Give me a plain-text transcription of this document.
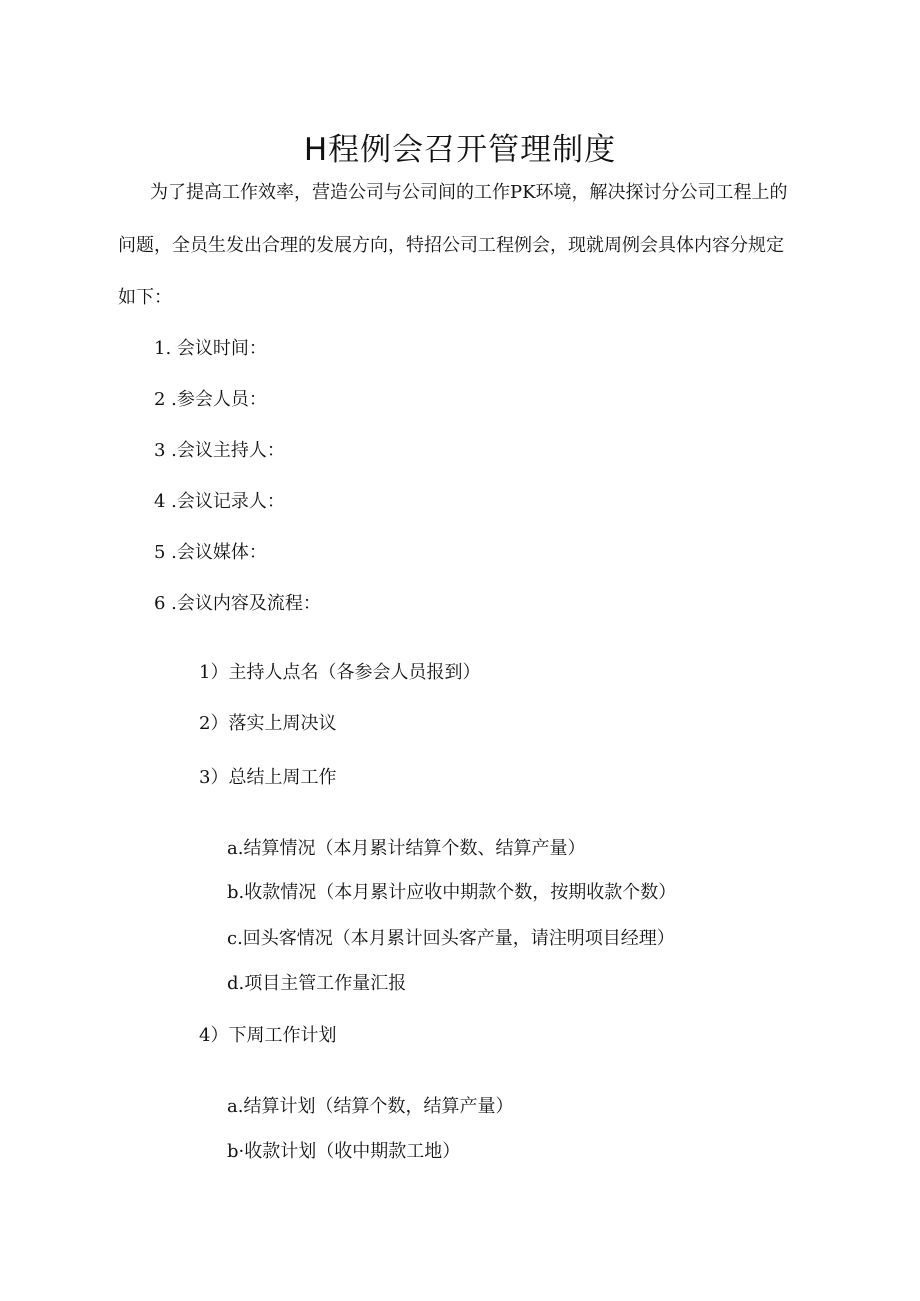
H程例会召开管理制度
为了提高工作效率，营造公司与公司间的工作PK环境，解决探讨分公司工程上的
问题，全员生发出合理的发展方向，特招公司工程例会，现就周例会具体内容分规定
如下：
1. 会议时间：
2 .参会人员：
3 .会议主持人：
4 .会议记录人：
5 .会议媒体：
6 .会议内容及流程：
1）主持人点名（各参会人员报到）
2）落实上周决议
3）总结上周工作
a.结算情况（本月累计结算个数、结算产量）
b.收款情况（本月累计应收中期款个数，按期收款个数）
c.回头客情况（本月累计回头客产量，请注明项目经理）
d.项目主管工作量汇报
4）下周工作计划
a.结算计划（结算个数，结算产量）
b·收款计划（收中期款工地）
